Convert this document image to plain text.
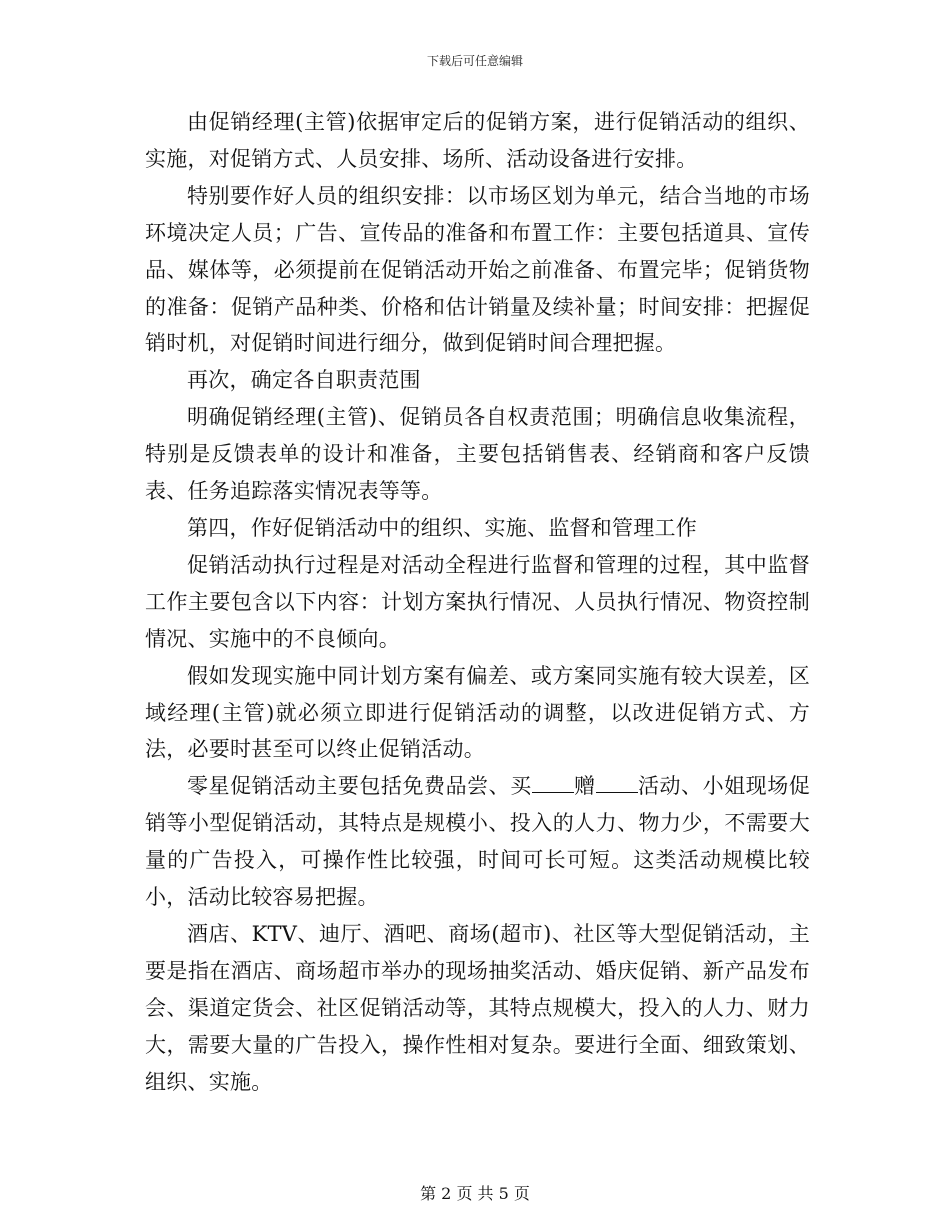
下载后可任意编辑

由促销经理(主管)依据审定后的促销方案，进行促销活动的组织、实施，对促销方式、人员安排、场所、活动设备进行安排。

特别要作好人员的组织安排：以市场区划为单元，结合当地的市场环境决定人员；广告、宣传品的准备和布置工作：主要包括道具、宣传品、媒体等，必须提前在促销活动开始之前准备、布置完毕；促销货物的准备：促销产品种类、价格和估计销量及续补量；时间安排：把握促销时机，对促销时间进行细分，做到促销时间合理把握。

再次，确定各自职责范围

明确促销经理(主管)、促销员各自权责范围；明确信息收集流程，特别是反馈表单的设计和准备，主要包括销售表、经销商和客户反馈表、任务追踪落实情况表等等。

第四，作好促销活动中的组织、实施、监督和管理工作

促销活动执行过程是对活动全程进行监督和管理的过程，其中监督工作主要包含以下内容：计划方案执行情况、人员执行情况、物资控制情况、实施中的不良倾向。

假如发现实施中同计划方案有偏差、或方案同实施有较大误差，区域经理(主管)就必须立即进行促销活动的调整，以改进促销方式、方法，必要时甚至可以终止促销活动。

零星促销活动主要包括免费品尝、买 赠 活动、小姐现场促销等小型促销活动，其特点是规模小、投入的人力、物力少，不需要大量的广告投入，可操作性比较强，时间可长可短。这类活动规模比较小，活动比较容易把握。

酒店、KTV、迪厅、酒吧、商场(超市)、社区等大型促销活动，主要是指在酒店、商场超市举办的现场抽奖活动、婚庆促销、新产品发布会、渠道定货会、社区促销活动等，其特点规模大，投入的人力、财力大，需要大量的广告投入，操作性相对复杂。要进行全面、细致策划、组织、实施。

第 2 页 共 5 页
